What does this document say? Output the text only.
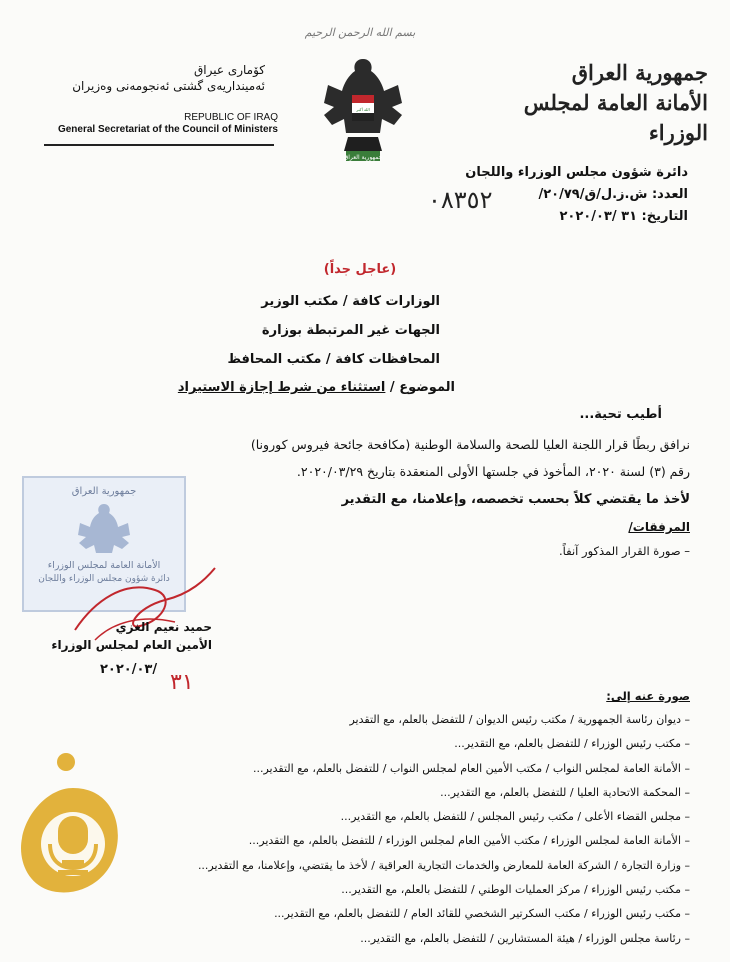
بسم الله الرحمن الرحيم
جمهورية العراق
الأمانة العامة لمجلس الوزراء
كۆماری عیراق
ئەمینداریەی گشتی ئەنجومەنی وەزیران
REPUBLIC OF IRAQ
General Secretariat of the Council of Ministers
الله أكبر
جمهورية العراق
دائرة شؤون مجلس الوزراء واللجان
العدد: ش.ز.ل/ق/٢٠/٧٩/
التاريخ: ٣١ /٢٠٢٠/٠٣
٠٨٣٥٢
(عاجل جداً)
الوزارات كافة / مكتب الوزير
الجهات غير المرتبطة بوزارة
المحافظات كافة / مكتب المحافظ
الموضوع / استثناء من شرط إجازة الاستيراد
أطيب تحية...
نرافق ربطًا قرار اللجنة العليا للصحة والسلامة الوطنية (مكافحة جائحة فيروس كورونا)
رقم (٣) لسنة ٢٠٢٠، المأخوذ في جلستها الأولى المنعقدة بتاريخ ٢٠٢٠/٠٣/٢٩.
لأخذ ما يقتضي كلاً بحسب تخصصه، وإعلامنا، مع التقدير
المرفقات/
– صورة القرار المذكور آنفاً.
جمهورية العراق
الأمانة العامة لمجلس الوزراء
دائرة شؤون مجلس الوزراء واللجان
حميد نعيم الغزي
الأمين العام لمجلس الوزراء
٢٠٢٠/٠٣/
٣١
صورة عنه إلى:
– ديوان رئاسة الجمهورية / مكتب رئيس الديوان / للتفضل بالعلم، مع التقدير
– مكتب رئيس الوزراء / للتفضل بالعلم، مع التقدير...
– الأمانة العامة لمجلس النواب / مكتب الأمين العام لمجلس النواب / للتفضل بالعلم، مع التقدير...
– المحكمة الاتحادية العليا / للتفضل بالعلم، مع التقدير...
– مجلس القضاء الأعلى / مكتب رئيس المجلس / للتفضل بالعلم، مع التقدير...
– الأمانة العامة لمجلس الوزراء / مكتب الأمين العام لمجلس الوزراء / للتفضل بالعلم، مع التقدير...
– وزارة التجارة / الشركة العامة للمعارض والخدمات التجارية العراقية / لأخذ ما يقتضي، وإعلامنا، مع التقدير...
– مكتب رئيس الوزراء / مركز العمليات الوطني / للتفضل بالعلم، مع التقدير...
– مكتب رئيس الوزراء / مكتب السكرتير الشخصي للقائد العام / للتفضل بالعلم، مع التقدير...
– رئاسة مجلس الوزراء / هيئة المستشارين / للتفضل بالعلم، مع التقدير...
